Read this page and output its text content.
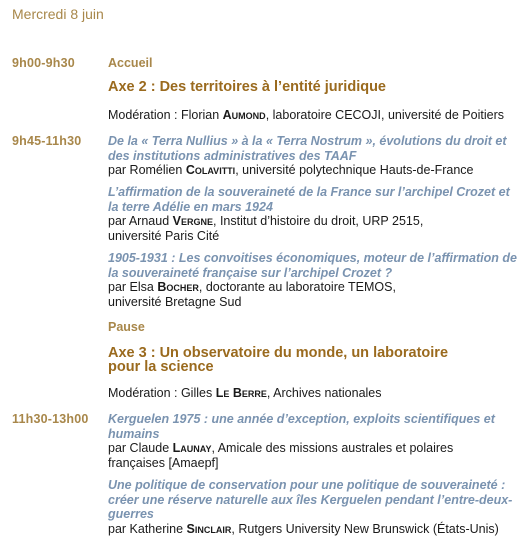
Mercredi 8 juin
9h00-9h30	Accueil
Axe 2 : Des territoires à l’entité juridique
Modération : Florian Aumond, laboratoire CECOJI, université de Poitiers
9h45-11h30 De la « Terra Nullius » à la « Terra Nostrum », évolutions du droit et des institutions administratives des TAAF
par Romélien Colavitti, université polytechnique Hauts-de-France
L’affirmation de la souveraineté de la France sur l’archipel Crozet et la terre Adélie en mars 1924
par Arnaud Vergne, Institut d’histoire du droit, URP 2515,
université Paris Cité
1905-1931 : Les convoitises économiques, moteur de l’affirmation de la souveraineté française sur l’archipel Crozet ?
par Elsa Bocher, doctorante au laboratoire TEMOS,
université Bretagne Sud
Pause
Axe 3 : Un observatoire du monde, un laboratoire
pour la science
Modération : Gilles Le Berre, Archives nationales
11h30-13h00 Kerguelen 1975 : une année d’exception, exploits scientifiques et humains
par Claude Launay, Amicale des missions australes et polaires
françaises [Amaepf]
Une politique de conservation pour une politique de souveraineté : créer une réserve naturelle aux îles Kerguelen pendant l’entre-deux-guerres
par Katherine Sinclair, Rutgers University New Brunswick (États-Unis)
